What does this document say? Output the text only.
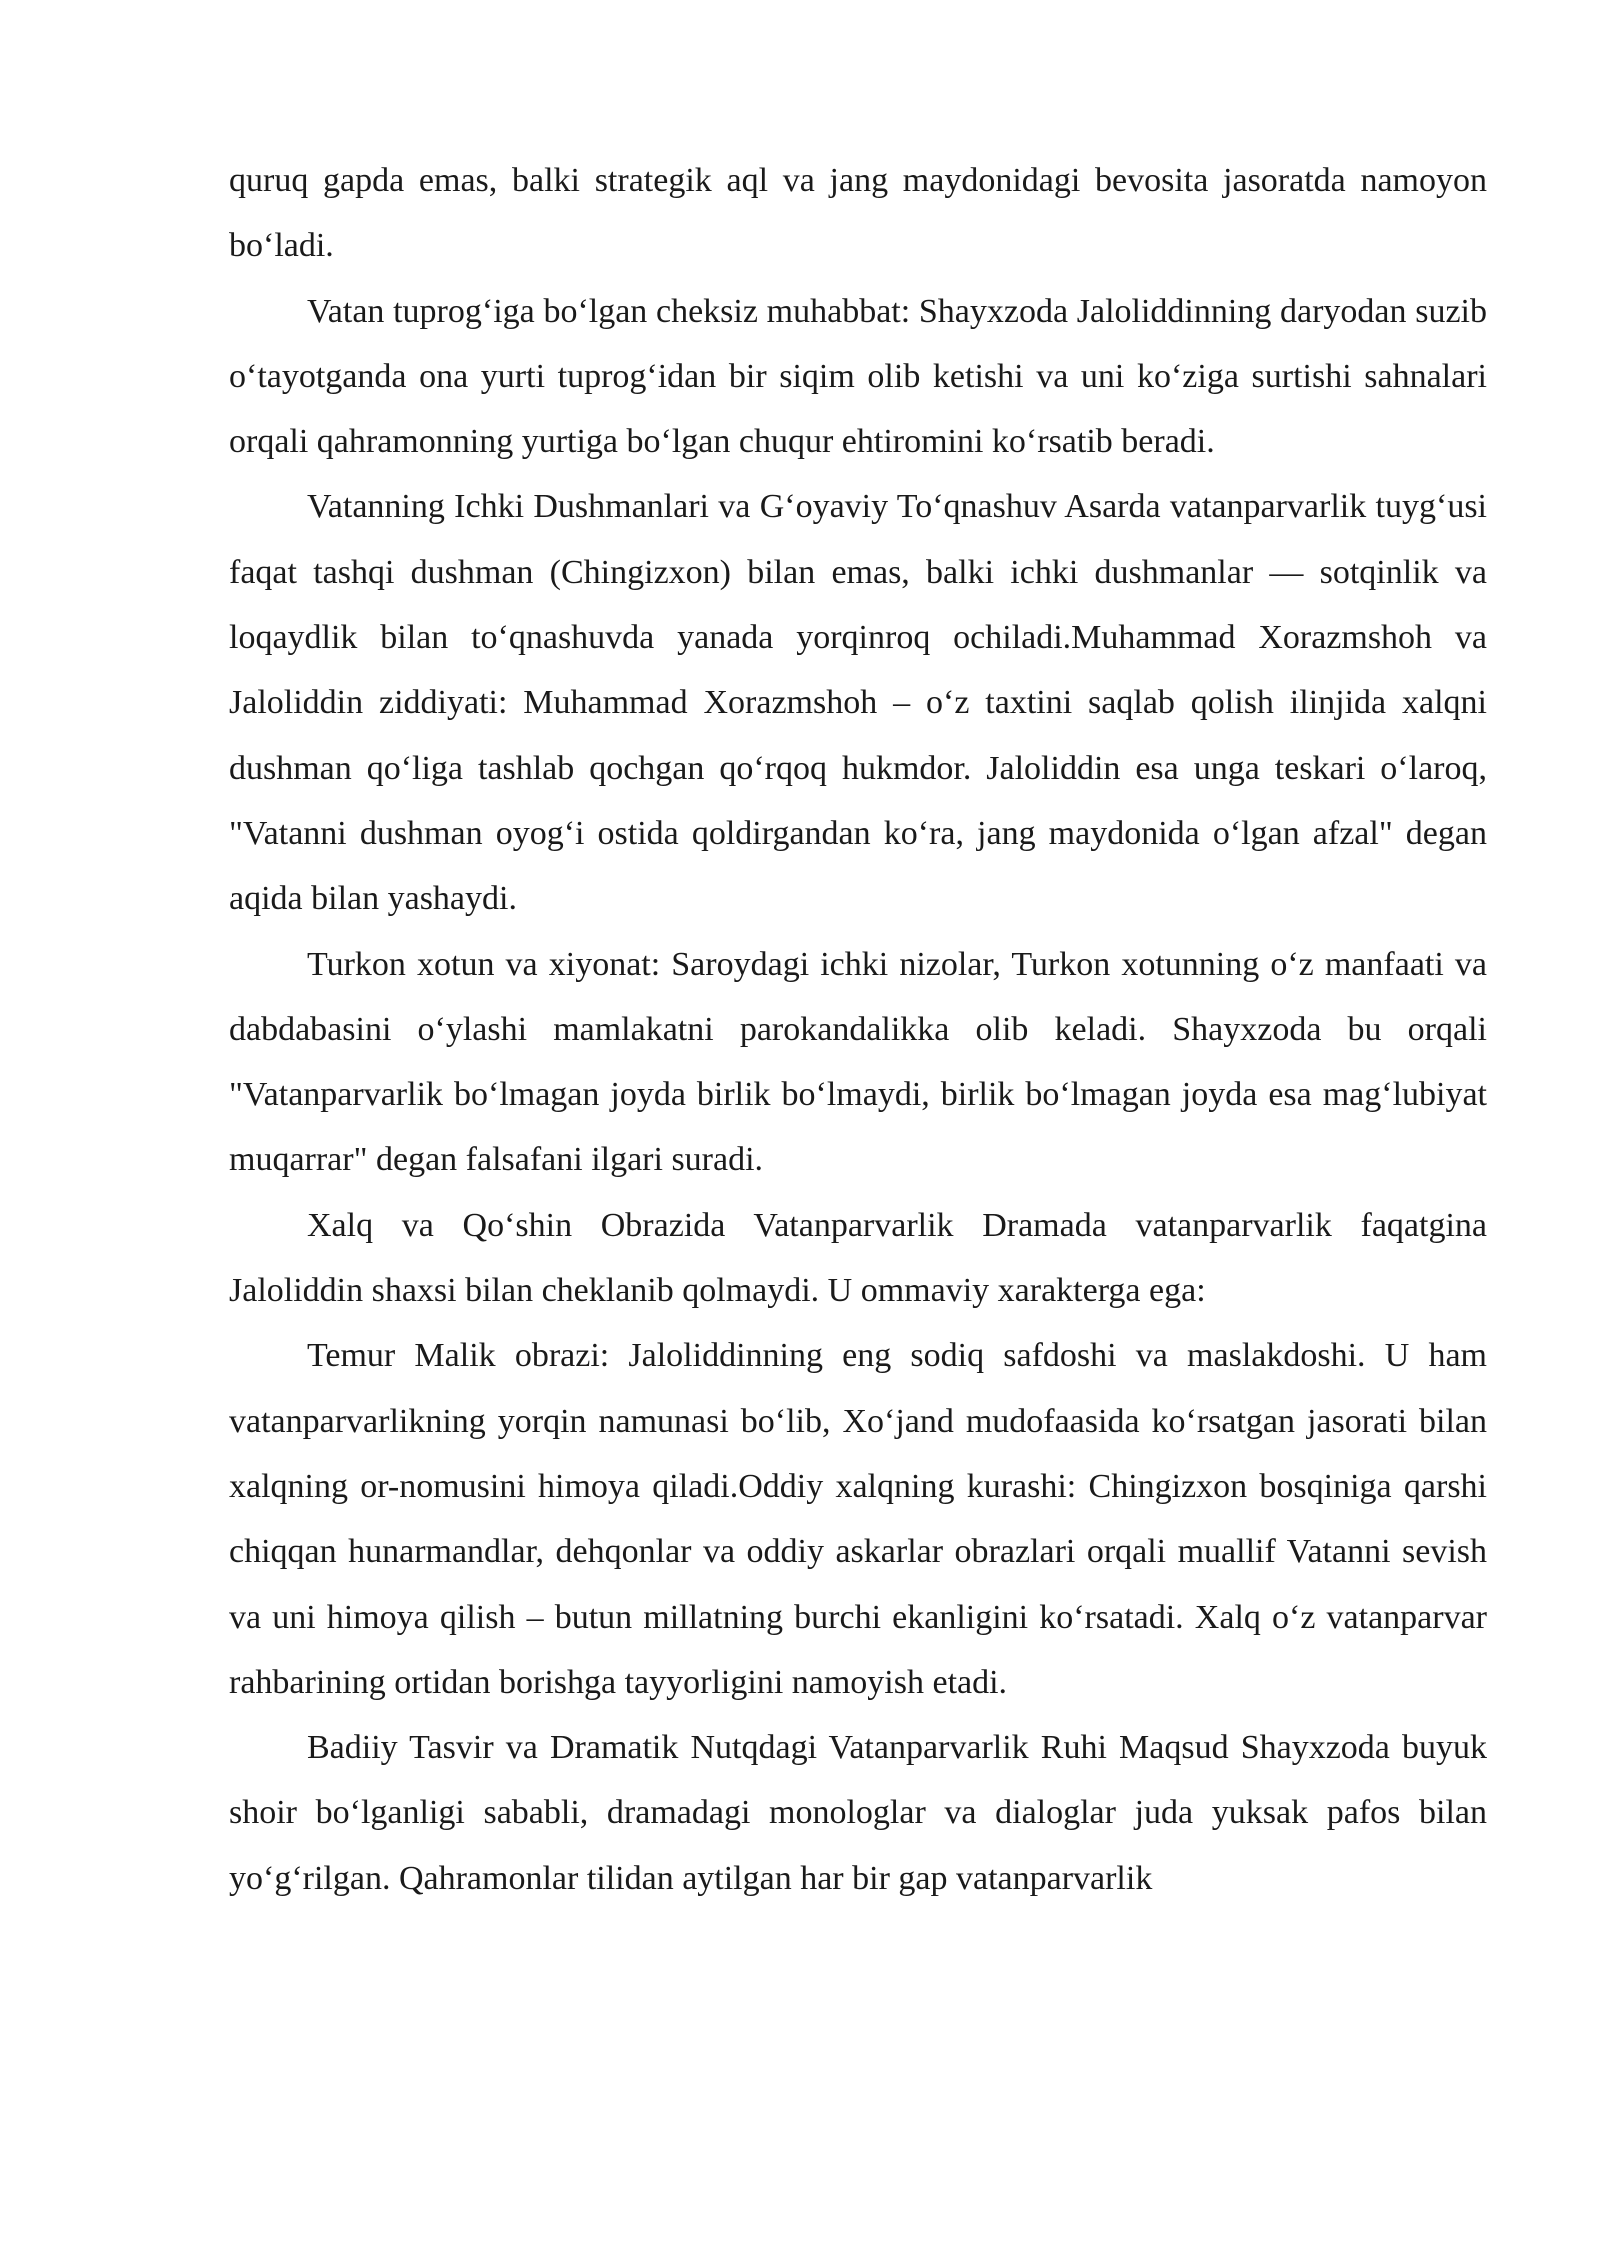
quruq gapda emas, balki strategik aql va jang maydonidagi bevosita jasoratda namoyon boʻladi.

Vatan tuprogʻiga boʻlgan cheksiz muhabbat: Shayxzoda Jaloliddinning daryodan suzib oʻtayotganda ona yurti tuprogʻidan bir siqim olib ketishi va uni koʻziga surtishi sahnalari orqali qahramonning yurtiga boʻlgan chuqur ehtiromini koʻrsatib beradi.

Vatanning Ichki Dushmanlari va Gʻoyaviy Toʻqnashuv Asarda vatanparvarlik tuygʻusi faqat tashqi dushman (Chingizxon) bilan emas, balki ichki dushmanlar — sotqinlik va loqaydlik bilan toʻqnashuvda yanada yorqinroq ochiladi.Muhammad Xorazmshoh va Jaloliddin ziddiyati: Muhammad Xorazmshoh – oʻz taxtini saqlab qolish ilinjida xalqni dushman qoʻliga tashlab qochgan qoʻrqoq hukmdor. Jaloliddin esa unga teskari oʻlaroq, "Vatanni dushman oyogʻi ostida qoldirgandan koʻra, jang maydonida oʻlgan afzal" degan aqida bilan yashaydi.

Turkon xotun va xiyonat: Saroydagi ichki nizolar, Turkon xotunning oʻz manfaati va dabdabasini oʻylashi mamlakatni parokandalikka olib keladi. Shayxzoda bu orqali "Vatanparvarlik boʻlmagan joyda birlik boʻlmaydi, birlik boʻlmagan joyda esa magʻlubiyat muqarrar" degan falsafani ilgari suradi.

Xalq va Qoʻshin Obrazida Vatanparvarlik Dramada vatanparvarlik faqatgina Jaloliddin shaxsi bilan cheklanib qolmaydi. U ommaviy xarakterga ega:

Temur Malik obrazi: Jaloliddinning eng sodiq safdoshi va maslakdoshi. U ham vatanparvarlikning yorqin namunasi boʻlib, Xoʻjand mudofaasida koʻrsatgan jasorati bilan xalqning or-nomusini himoya qiladi.Oddiy xalqning kurashi: Chingizxon bosqiniga qarshi chiqqan hunarmandlar, dehqonlar va oddiy askarlar obrazlari orqali muallif Vatanni sevish va uni himoya qilish – butun millatning burchi ekanligini koʻrsatadi. Xalq oʻz vatanparvar rahbarining ortidan borishga tayyorligini namoyish etadi.

Badiiy Tasvir va Dramatik Nutqdagi Vatanparvarlik Ruhi Maqsud Shayxzoda buyuk shoir boʻlganligi sababli, dramadagi monologlar va dialoglar juda yuksak pafos bilan yoʻgʻrilgan. Qahramonlar tilidan aytilgan har bir gap vatanparvarlik
